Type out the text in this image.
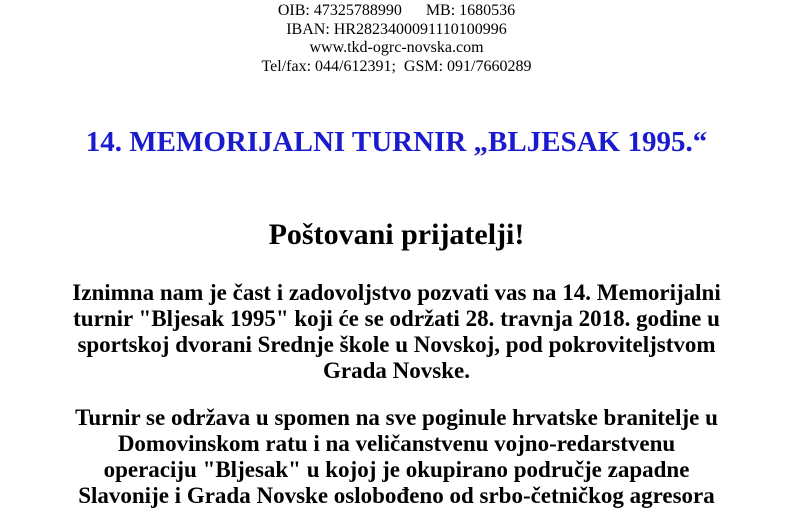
OIB: 47325788990      MB: 1680536
IBAN: HR2823400091110100996
www.tkd-ogrc-novska.com
Tel/fax: 044/612391;  GSM: 091/7660289
14. MEMORIJALNI TURNIR „BLJESAK 1995.“
Poštovani prijatelji!

Iznimna nam je čast i zadovoljstvo pozvati vas na 14. Memorijalni
turnir "Bljesak 1995" koji će se održati 28. travnja 2018. godine u
sportskoj dvorani Srednje škole u Novskoj, pod pokroviteljstvom
Grada Novske.

Turnir se održava u spomen na sve poginule hrvatske branitelje u
Domovinskom ratu i na veličanstvenu vojno-redarstvenu
operaciju "Bljesak" u kojoj je okupirano područje zapadne
Slavonije i Grada Novske oslobođeno od srbo-četničkog agresora
